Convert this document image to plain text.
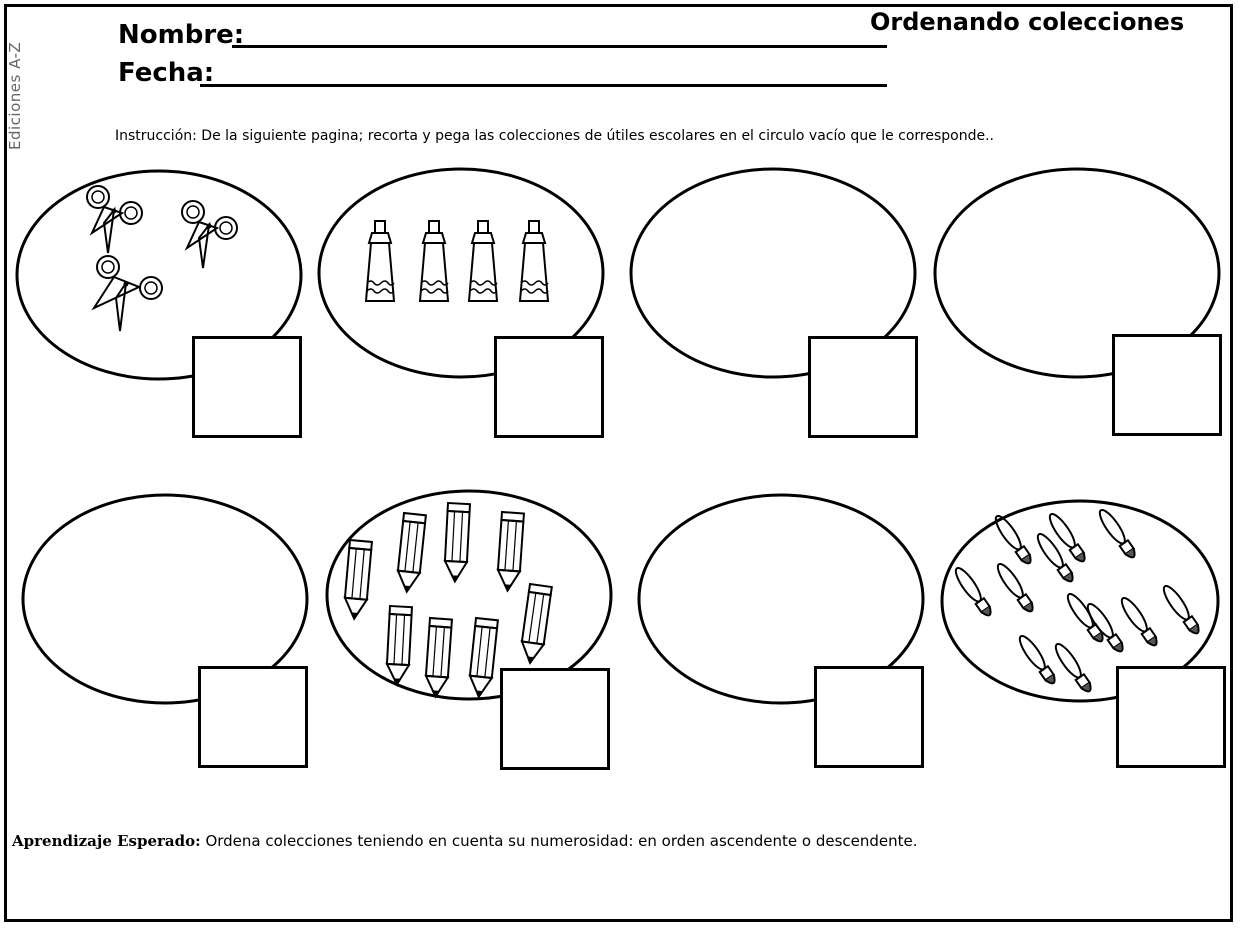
Ediciones A-Z
Ordenando colecciones
Nombre:
Fecha:
Instrucción: De la siguiente pagina; recorta y pega las colecciones de útiles escolares en el circulo vacío que le corresponde..
Aprendizaje Esperado: Ordena colecciones teniendo en cuenta su numerosidad: en orden ascendente o descendente.
